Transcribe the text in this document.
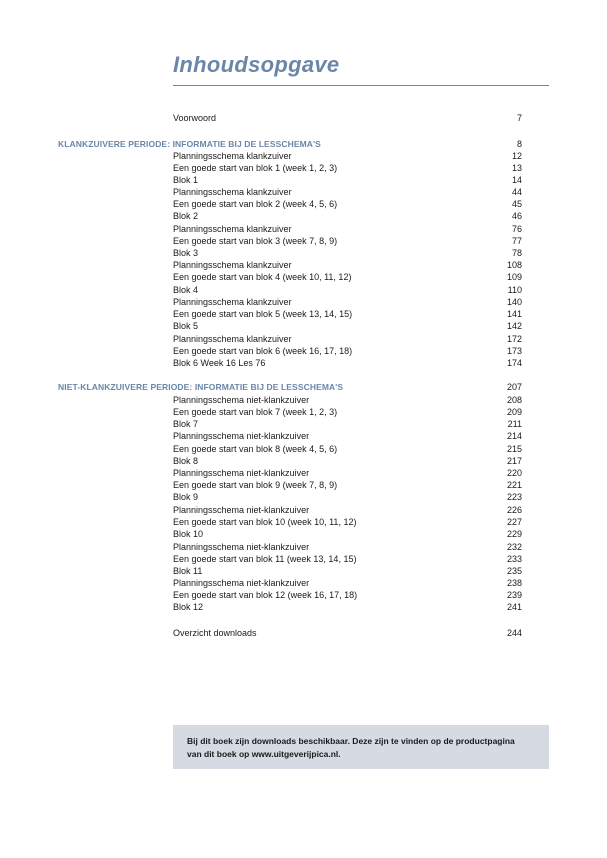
Inhoudsopgave
Voorwoord	7
KLANKZUIVERE PERIODE: INFORMATIE BIJ DE LESSCHEMA'S	8
Planningsschema klankzuiver	12
Een goede start van blok 1 (week 1, 2, 3)	13
Blok 1	14
Planningsschema klankzuiver	44
Een goede start van blok 2 (week 4, 5, 6)	45
Blok 2	46
Planningsschema klankzuiver	76
Een goede start van blok 3 (week 7, 8, 9)	77
Blok 3	78
Planningsschema klankzuiver	108
Een goede start van blok 4 (week 10, 11, 12)	109
Blok 4	110
Planningsschema klankzuiver	140
Een goede start van blok 5 (week 13, 14, 15)	141
Blok 5	142
Planningsschema klankzuiver	172
Een goede start van blok 6 (week 16, 17, 18)	173
Blok 6 Week 16 Les 76	174
NIET-KLANKZUIVERE PERIODE: INFORMATIE BIJ DE LESSCHEMA'S	207
Planningsschema niet-klankzuiver	208
Een goede start van blok 7 (week 1, 2, 3)	209
Blok 7	211
Planningsschema niet-klankzuiver	214
Een goede start van blok 8 (week 4, 5, 6)	215
Blok 8	217
Planningsschema niet-klankzuiver	220
Een goede start van blok 9 (week 7, 8, 9)	221
Blok 9	223
Planningsschema niet-klankzuiver	226
Een goede start van blok 10 (week 10, 11, 12)	227
Blok 10	229
Planningsschema niet-klankzuiver	232
Een goede start van blok 11 (week 13, 14, 15)	233
Blok 11	235
Planningsschema niet-klankzuiver	238
Een goede start van blok 12 (week 16, 17, 18)	239
Blok 12	241
Overzicht downloads	244
Bij dit boek zijn downloads beschikbaar. Deze zijn te vinden op de productpagina
van dit boek op www.uitgeverijpica.nl.
